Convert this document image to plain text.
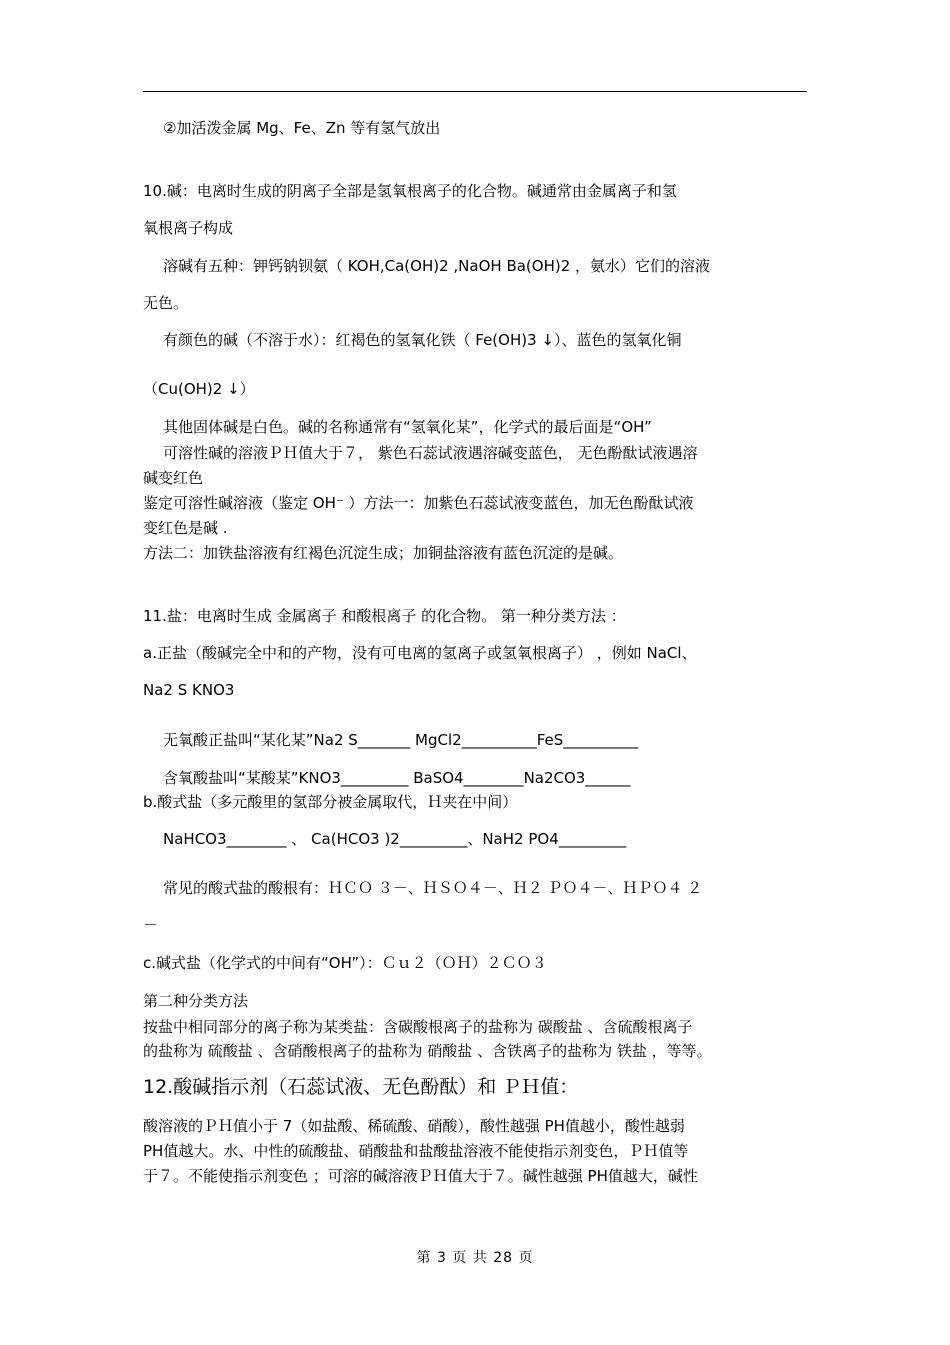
②加活泼金属 Mg、Fe、Zn 等有氢气放出
10.碱：电离时生成的阴离子全部是氢氧根离子的化合物。碱通常由金属离子和氢
氧根离子构成
溶碱有五种：钾钙钠钡氨（ KOH,Ca(OH)2 ,NaOH Ba(OH)2 ，氨水）它们的溶液
无色。
有颜色的碱（不溶于水）：红褐色的氢氧化铁（ Fe(OH)3 ↓）、蓝色的氢氧化铜
（Cu(OH)2 ↓）
其他固体碱是白色。碱的名称通常有“氢氧化某”，化学式的最后面是“OH”
可溶性碱的溶液ＰＨ值大于７， 紫色石蕊试液遇溶碱变蓝色， 无色酚酞试液遇溶
碱变红色
鉴定可溶性碱溶液（鉴定 OH⁻ ）方法一：加紫色石蕊试液变蓝色，加无色酚酞试液
变红色是碱 .
方法二：加铁盐溶液有红褐色沉淀生成；加铜盐溶液有蓝色沉淀的是碱。
11.盐：电离时生成 金属离子 和酸根离子 的化合物。 第一种分类方法 ：
a.正盐（酸碱完全中和的产物，没有可电离的氢离子或氢氧根离子） ，例如 NaCl、
Na2 S KNO3
无氧酸正盐叫“某化某”Na2 S_______ MgCl2__________FeS__________
含氧酸盐叫“某酸某”KNO3_________ BaSO4________Na2CO3______
b.酸式盐（多元酸里的氢部分被金属取代，Ｈ夹在中间）
NaHCO3________ 、 Ca(HCO3 )2_________、NaH2 PO4_________
常见的酸式盐的酸根有：ＨＣＯ ３－、ＨＳＯ４－、Ｈ２ ＰＯ４－、ＨＰＯ４ ２
－
c.碱式盐（化学式的中间有“OH”）：Ｃｕ２（ＯＨ）２ＣＯ３
第二种分类方法
按盐中相同部分的离子称为某类盐：含碳酸根离子的盐称为 碳酸盐 、含硫酸根离子
的盐称为 硫酸盐 、含硝酸根离子的盐称为 硝酸盐 、含铁离子的盐称为 铁盐 ，等等。
12.酸碱指示剂（石蕊试液、无色酚酞）和 ＰＨ值：
酸溶液的ＰＨ值小于 7（如盐酸、稀硫酸、硝酸），酸性越强 PH值越小，酸性越弱
PH值越大。水、中性的硫酸盐、硝酸盐和盐酸盐溶液不能使指示剂变色，ＰＨ值等
于７。不能使指示剂变色 ；可溶的碱溶液ＰＨ值大于７。碱性越强 PH值越大，碱性
第 3 页 共 28 页
